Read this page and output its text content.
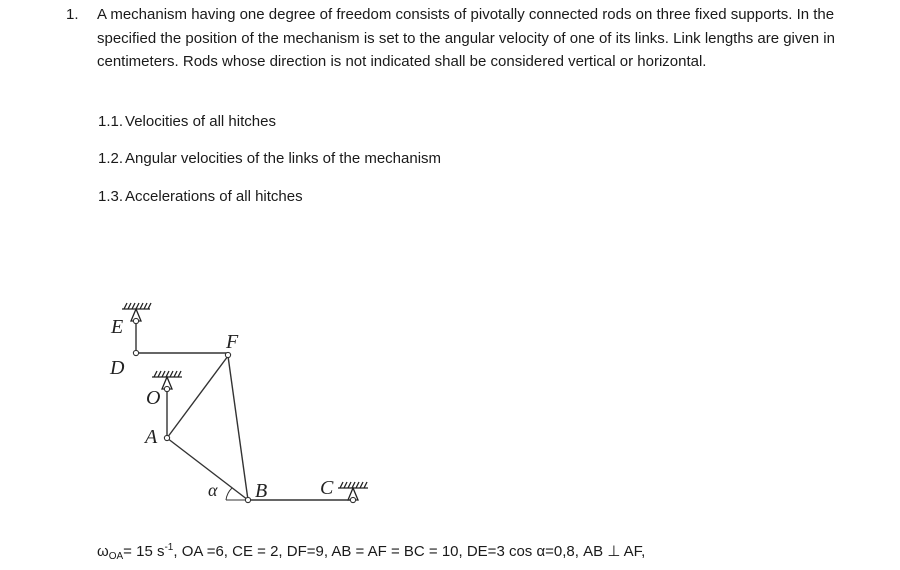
1. A mechanism having one degree of freedom consists of pivotally connected rods on three fixed supports. In the specified the position of the mechanism is set to the angular velocity of one of its links. Link lengths are given in centimeters. Rods whose direction is not indicated shall be considered vertical or horizontal.
1.1. Velocities of all hitches
1.2. Angular velocities of the links of the mechanism
1.3. Accelerations of all hitches
E
D
O
A
F
B	C
α
$\omega_{OA}= 15$ $s^{-1}$, OA =6, CE = 2, DF=9, AB = AF = BC = 10, DE=3 cos α=0,8, AB ⊥ AF,
